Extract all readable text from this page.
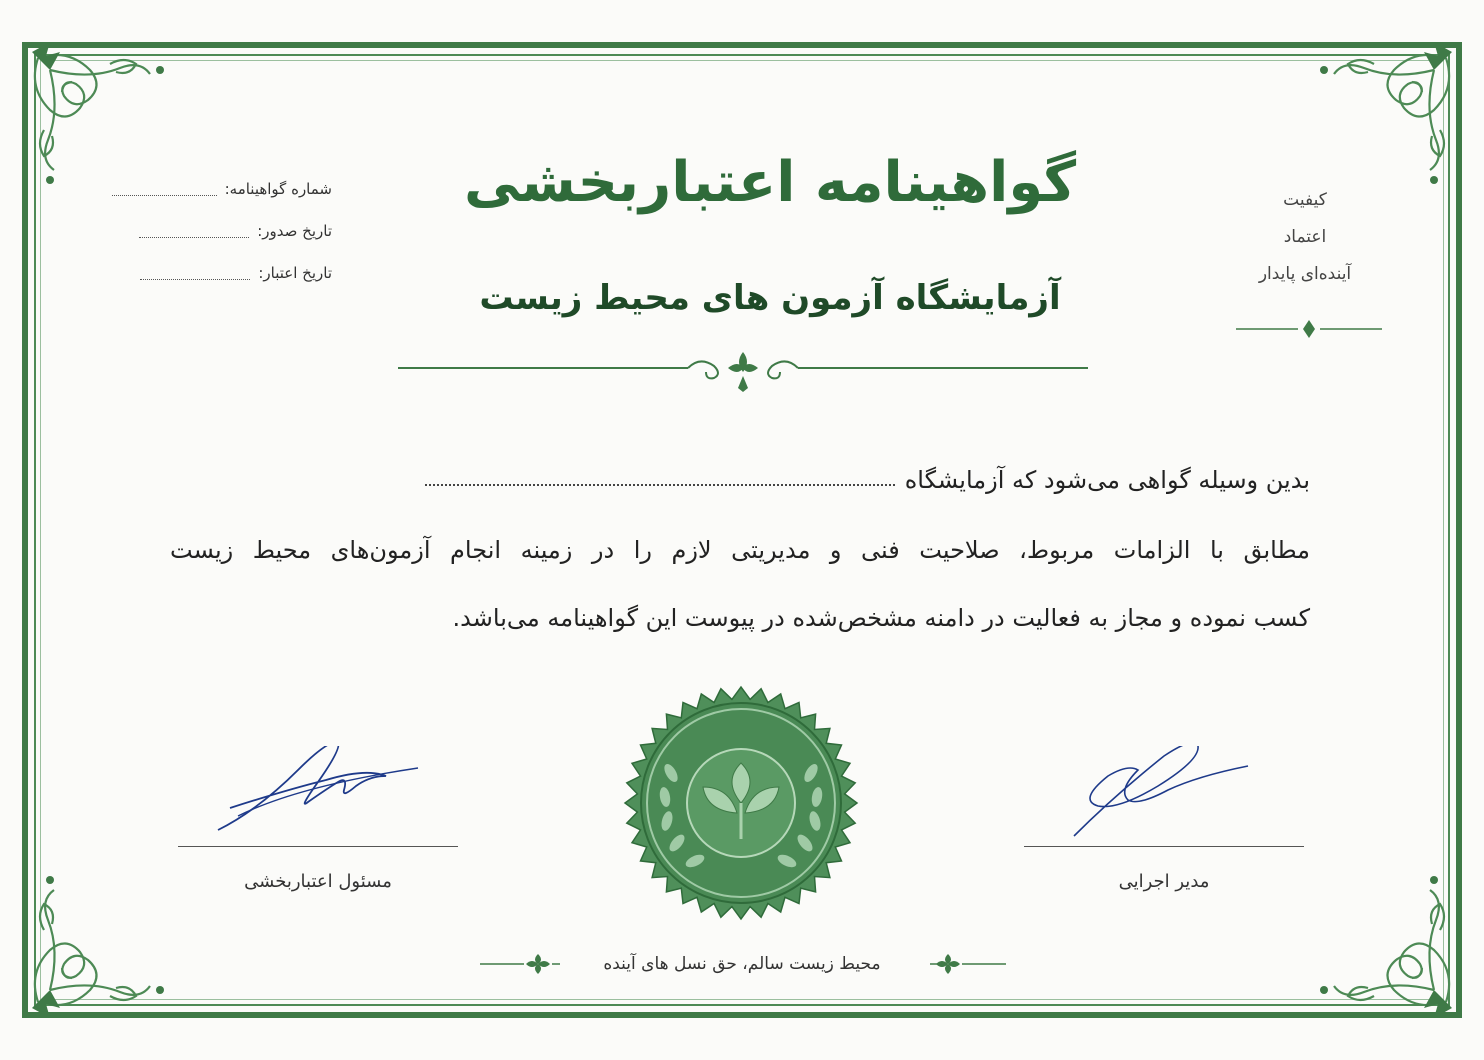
شماره گواهینامه:
تاریخ صدور:
تاریخ اعتبار:
گواهینامه اعتباربخشی
آزمایشگاه آزمون های محیط زیست
کیفیت
اعتماد
آینده‌ای پایدار
بدین وسیله گواهی می‌شود که آزمایشگاه
مطابق با الزامات مربوط، صلاحیت فنی و مدیریتی لازم را در زمینه انجام آزمون‌های محیط زیست
کسب نموده و مجاز به فعالیت در دامنه مشخص‌شده در پیوست این گواهینامه می‌باشد.
مسئول اعتباربخشی	مدیر اجرایی
محیط زیست سالم، حق نسل های آینده
